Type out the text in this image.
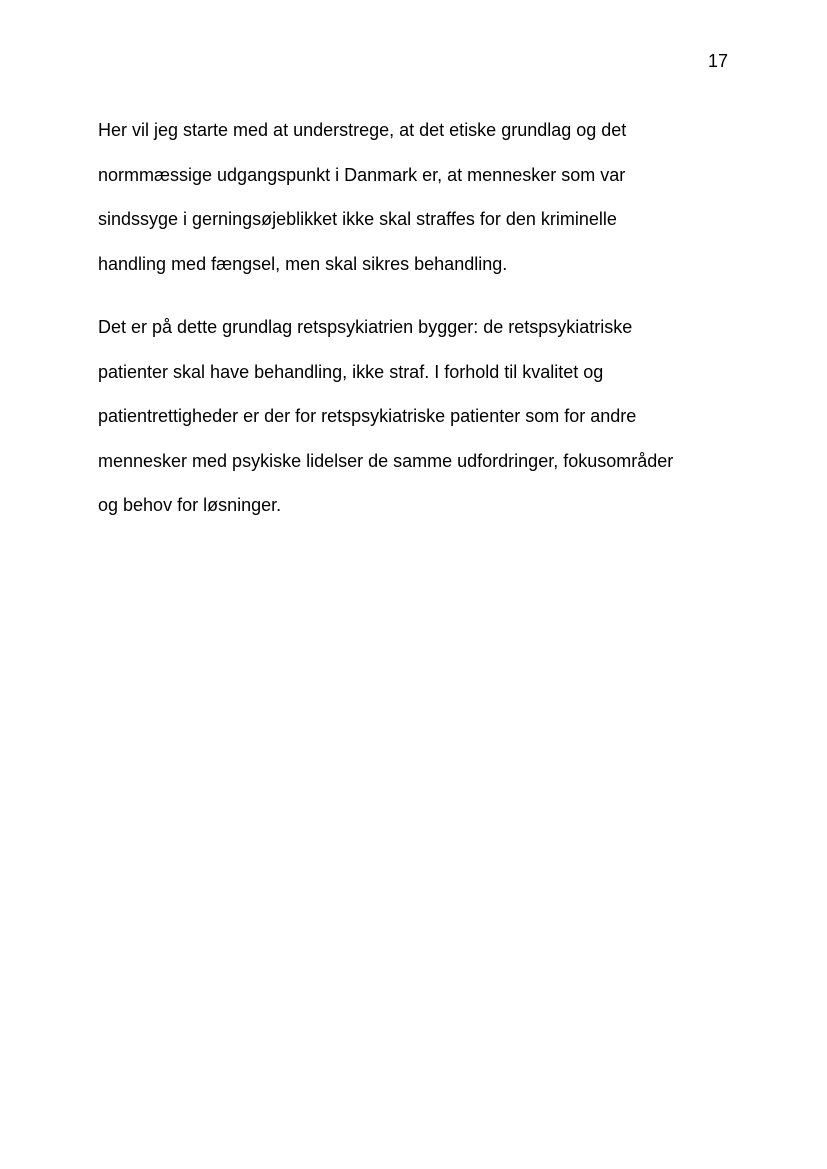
17
Her vil jeg starte med at understrege, at det etiske grundlag og det
normmæssige udgangspunkt i Danmark er, at mennesker som var
sindssyge i gerningsøjeblikket ikke skal straffes for den kriminelle
handling med fængsel, men skal sikres behandling.
Det er på dette grundlag retspsykiatrien bygger: de retspsykiatriske
patienter skal have behandling, ikke straf. I forhold til kvalitet og
patientrettigheder er der for retspsykiatriske patienter som for andre
mennesker med psykiske lidelser de samme udfordringer, fokusområder
og behov for løsninger.
